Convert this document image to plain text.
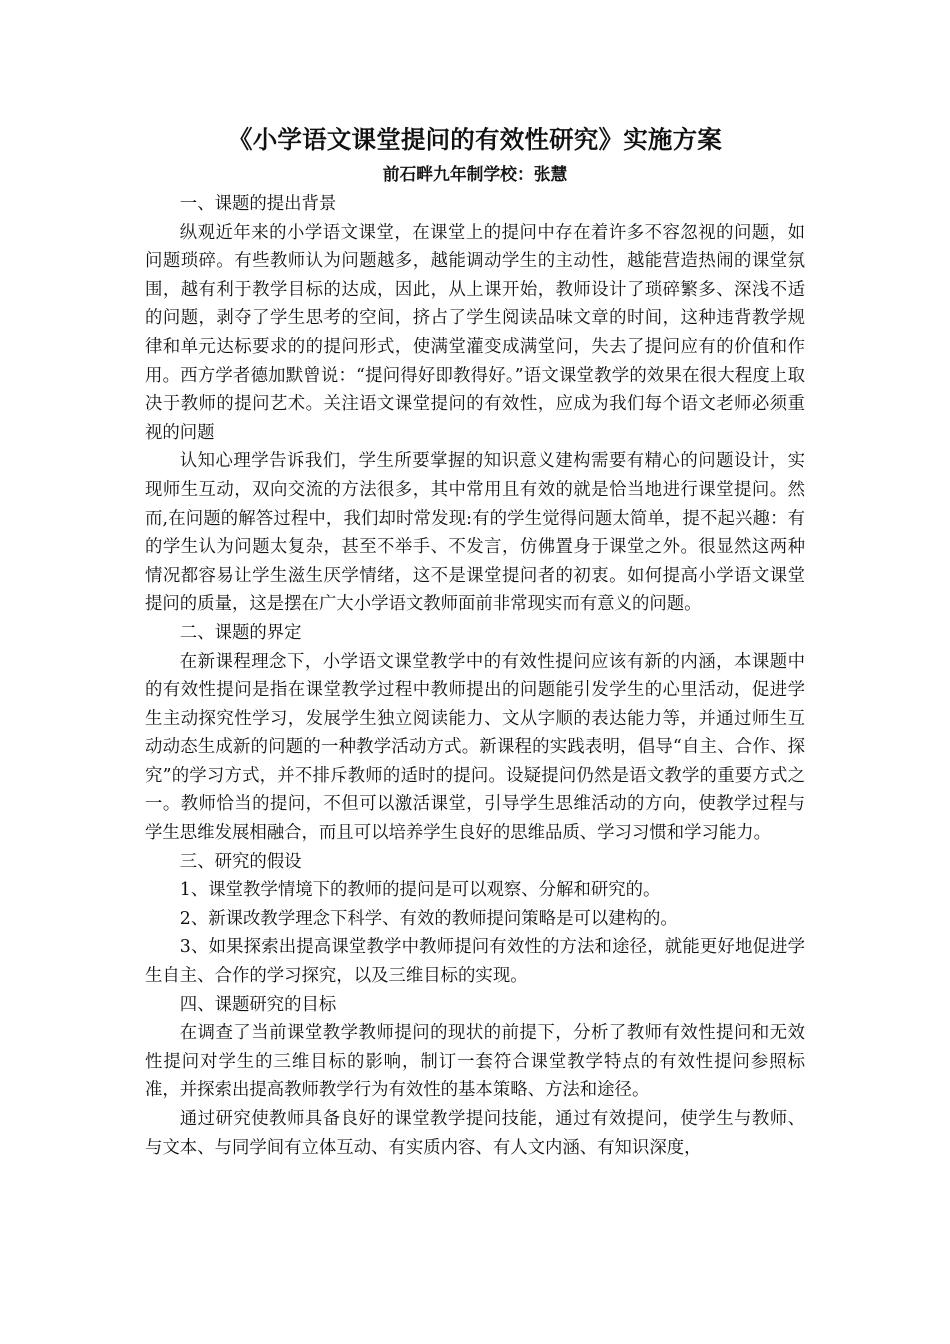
《小学语文课堂提问的有效性研究》实施方案
前石畔九年制学校：张慧
一、课题的提出背景

纵观近年来的小学语文课堂，在课堂上的提问中存在着许多不容忽视的问题，如问题琐碎。有些教师认为问题越多，越能调动学生的主动性，越能营造热闹的课堂氛围，越有利于教学目标的达成，因此，从上课开始，教师设计了琐碎繁多、深浅不适的问题，剥夺了学生思考的空间，挤占了学生阅读品味文章的时间，这种违背教学规律和单元达标要求的的提问形式，使满堂灌变成满堂问，失去了提问应有的价值和作用。西方学者德加默曾说：“提问得好即教得好。”语文课堂教学的效果在很大程度上取决于教师的提问艺术。关注语文课堂提问的有效性，应成为我们每个语文老师必须重视的问题

认知心理学告诉我们，学生所要掌握的知识意义建构需要有精心的问题设计，实现师生互动，双向交流的方法很多，其中常用且有效的就是恰当地进行课堂提问。然而,在问题的解答过程中，我们却时常发现:有的学生觉得问题太简单，提不起兴趣：有的学生认为问题太复杂，甚至不举手、不发言，仿佛置身于课堂之外。很显然这两种情况都容易让学生滋生厌学情绪，这不是课堂提问者的初衷。如何提高小学语文课堂提问的质量，这是摆在广大小学语文教师面前非常现实而有意义的问题。

二、课题的界定

在新课程理念下，小学语文课堂教学中的有效性提问应该有新的内涵，本课题中的有效性提问是指在课堂教学过程中教师提出的问题能引发学生的心里活动，促进学生主动探究性学习，发展学生独立阅读能力、文从字顺的表达能力等，并通过师生互动动态生成新的问题的一种教学活动方式。新课程的实践表明，倡导“自主、合作、探究”的学习方式，并不排斥教师的适时的提问。设疑提问仍然是语文教学的重要方式之一。教师恰当的提问，不但可以激活课堂，引导学生思维活动的方向，使教学过程与学生思维发展相融合，而且可以培养学生良好的思维品质、学习习惯和学习能力。

三、研究的假设

1、课堂教学情境下的教师的提问是可以观察、分解和研究的。

2、新课改教学理念下科学、有效的教师提问策略是可以建构的。

3、如果探索出提高课堂教学中教师提问有效性的方法和途径，就能更好地促进学生自主、合作的学习探究，以及三维目标的实现。

四、课题研究的目标

在调查了当前课堂教学教师提问的现状的前提下，分析了教师有效性提问和无效性提问对学生的三维目标的影响，制订一套符合课堂教学特点的有效性提问参照标准，并探索出提高教师教学行为有效性的基本策略、方法和途径。

通过研究使教师具备良好的课堂教学提问技能，通过有效提问，使学生与教师、与文本、与同学间有立体互动、有实质内容、有人文内涵、有知识深度，
